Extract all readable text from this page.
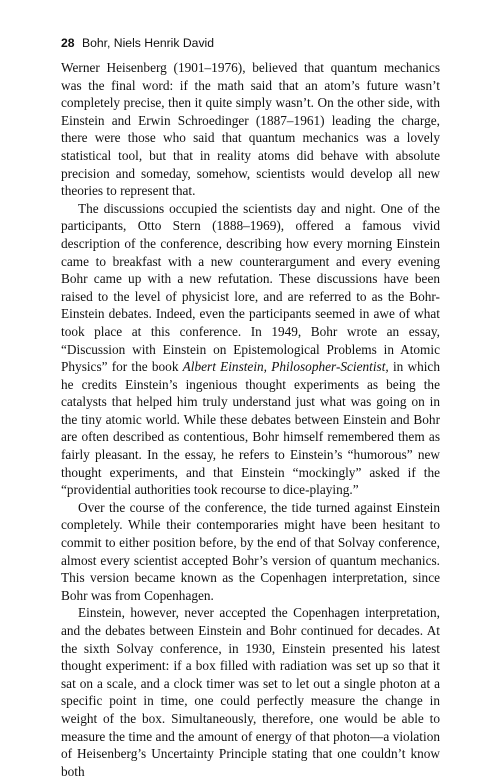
28 Bohr, Niels Henrik David

Werner Heisenberg (1901–1976), believed that quantum mechanics was the final word: if the math said that an atom’s future wasn’t completely precise, then it quite simply wasn’t. On the other side, with Einstein and Erwin Schroedinger (1887–1961) leading the charge, there were those who said that quantum mechanics was a lovely statistical tool, but that in reality atoms did behave with absolute precision and someday, somehow, scientists would develop all new theories to represent that.

The discussions occupied the scientists day and night. One of the participants, Otto Stern (1888–1969), offered a famous vivid description of the conference, describing how every morning Einstein came to breakfast with a new counterargument and every evening Bohr came up with a new refutation. These discussions have been raised to the level of physicist lore, and are referred to as the Bohr-Einstein debates. Indeed, even the participants seemed in awe of what took place at this conference. In 1949, Bohr wrote an essay, “Discussion with Einstein on Epistemological Problems in Atomic Physics” for the book Albert Einstein, Philosopher-Scientist, in which he credits Einstein’s ingenious thought experiments as being the catalysts that helped him truly understand just what was going on in the tiny atomic world. While these debates between Einstein and Bohr are often described as contentious, Bohr himself remembered them as fairly pleasant. In the essay, he refers to Einstein’s “humorous” new thought experiments, and that Einstein “mockingly” asked if the “providential authorities took recourse to dice-playing.”

Over the course of the conference, the tide turned against Einstein completely. While their contemporaries might have been hesitant to commit to either position before, by the end of that Solvay conference, almost every scientist accepted Bohr’s version of quantum mechanics. This version became known as the Copenhagen interpretation, since Bohr was from Copenhagen.

Einstein, however, never accepted the Copenhagen interpretation, and the debates between Einstein and Bohr continued for decades. At the sixth Solvay conference, in 1930, Einstein presented his latest thought experiment: if a box filled with radiation was set up so that it sat on a scale, and a clock timer was set to let out a single photon at a specific point in time, one could perfectly measure the change in weight of the box. Simultaneously, therefore, one would be able to measure the time and the amount of energy of that photon—a violation of Heisenberg’s Uncertainty Principle stating that one couldn’t know both
